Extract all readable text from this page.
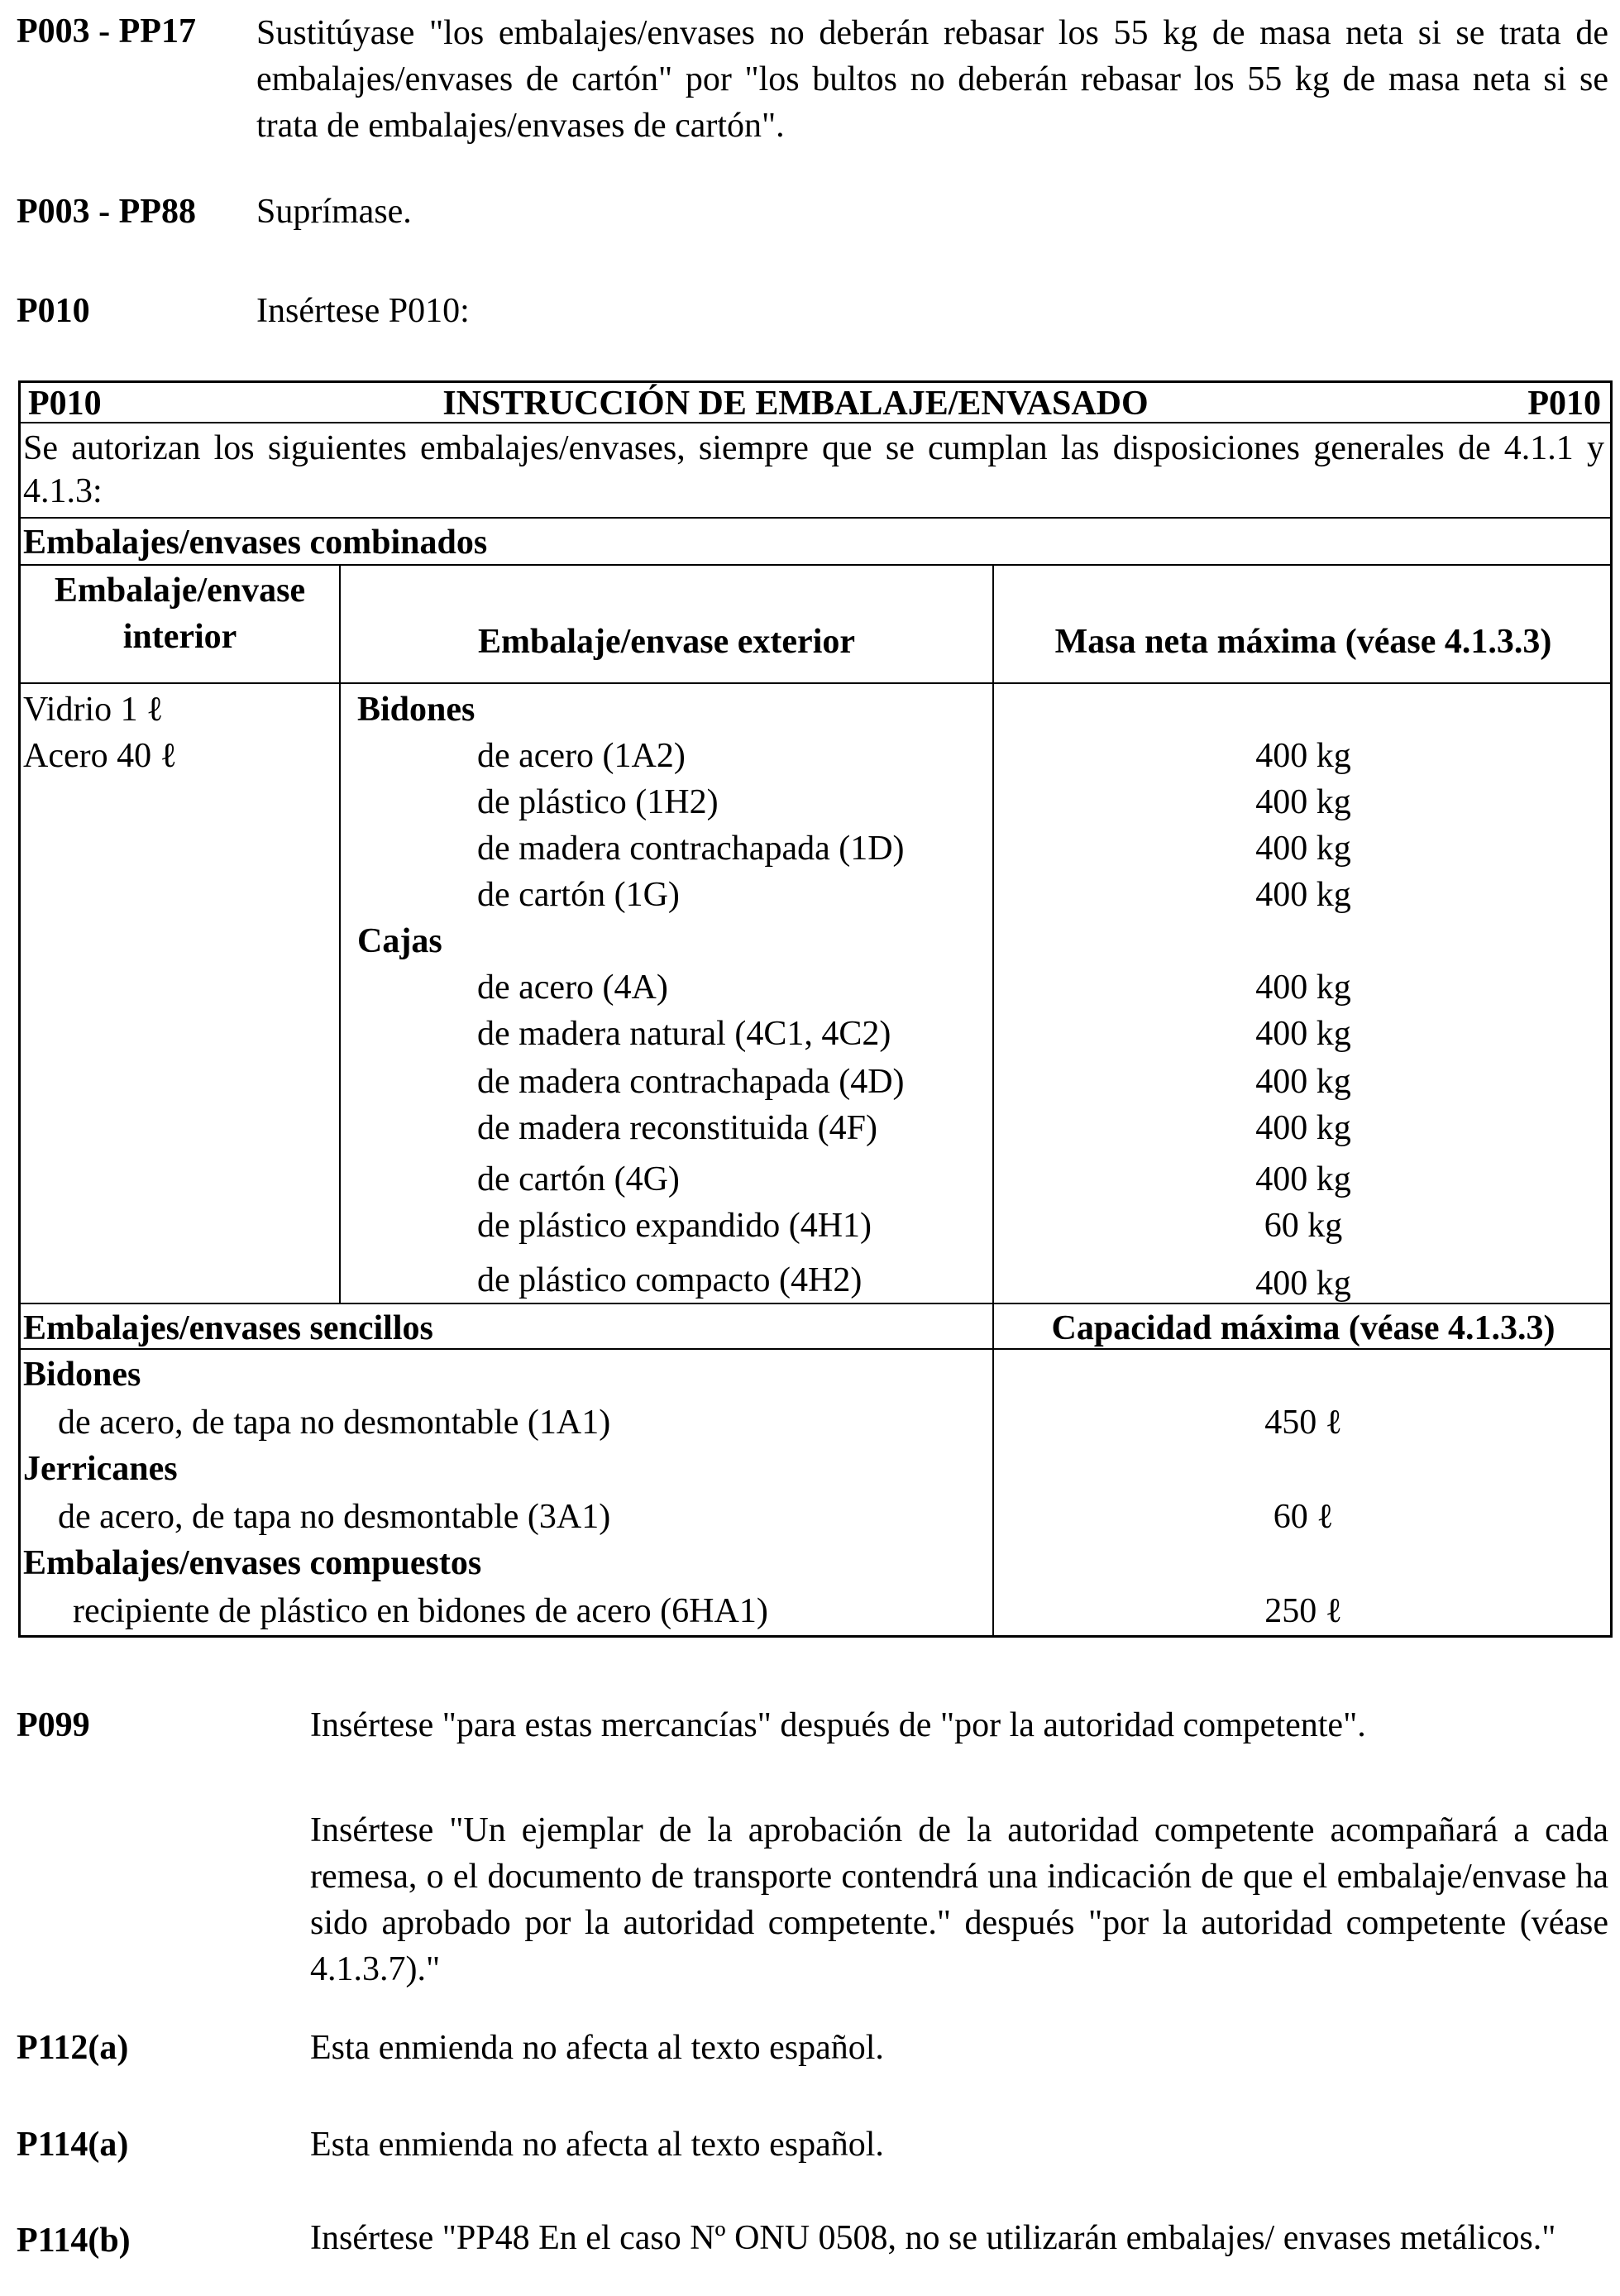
P003 - PP17 Sustitúyase "los embalajes/envases no deberán rebasar los 55 kg de masa neta si se trata de embalajes/envases de cartón" por "los bultos no deberán rebasar los 55 kg de masa neta si se trata de embalajes/envases de cartón".
P003 - PP88 Suprímase.
P010	Insértese P010:
P010	INSTRUCCIÓN DE EMBALAJE/ENVASADO	P010
Se autorizan los siguientes embalajes/envases, siempre que se cumplan las disposiciones generales de 4.1.1 y 4.1.3:
Embalajes/envases combinados
Embalaje/envase interior	Embalaje/envase exterior	Masa neta máxima (véase 4.1.3.3)
Vidrio 1 ℓ
Acero 40 ℓ
Bidones
de acero (1A2)	400 kg
de plástico (1H2)	400 kg
de madera contrachapada (1D)	400 kg
de cartón (1G)	400 kg
Cajas
de acero (4A)	400 kg
de madera natural (4C1, 4C2)	400 kg
de madera contrachapada (4D)	400 kg
de madera reconstituida (4F)	400 kg
de cartón (4G)	400 kg
de plástico expandido (4H1)	60 kg
de plástico compacto (4H2)	400 kg
Embalajes/envases sencillos	Capacidad máxima (véase 4.1.3.3)
Bidones
de acero, de tapa no desmontable (1A1)	450 ℓ
Jerricanes
de acero, de tapa no desmontable (3A1)	60 ℓ
Embalajes/envases compuestos
recipiente de plástico en bidones de acero (6HA1)	250 ℓ
P099	Insértese "para estas mercancías" después de "por la autoridad competente".
Insértese "Un ejemplar de la aprobación de la autoridad competente acompañará a cada remesa, o el documento de transporte contendrá una indicación de que el embalaje/envase ha sido aprobado por la autoridad competente." después "por la autoridad competente (véase 4.1.3.7)."
P112(a)	Esta enmienda no afecta al texto español.
P114(a)	Esta enmienda no afecta al texto español.
P114(b)	Insértese "PP48 En el caso Nº ONU 0508, no se utilizarán embalajes/ envases metálicos."
